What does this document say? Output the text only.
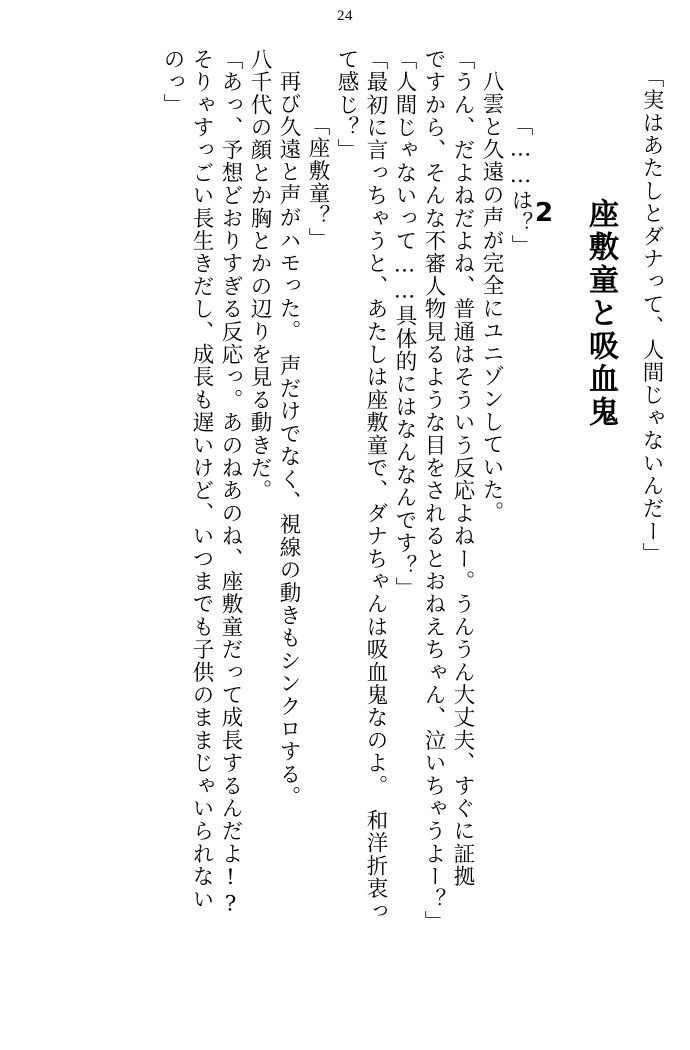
24
「実はあたしとダナって、人間じゃないんだー」
座敷童と吸血鬼
2
「……は？」
八雲と久遠の声が完全にユニゾンしていた。
「うん、だよねだよね、普通はそういう反応よねー。うんうん大丈夫、すぐに証拠
ですから、そんな不審人物見るような目をされるとおねえちゃん、泣いちゃうよー？」
「人間じゃないって……具体的にはなんなんです？」
「最初に言っちゃうと、あたしは座敷童で、ダナちゃんは吸血鬼なのよ。　和洋折衷っ
て感じ？」
「座敷童？」
再び久遠と声がハモった。　声だけでなく、視線の動きもシンクロする。
八千代の顔とか胸とかの辺りを見る動きだ。
「あっ、予想どおりすぎる反応っ。あのねあのね、座敷童だって成長するんだよ!?
そりゃすっごい長生きだし、成長も遅いけど、いつまでも子供のままじゃいられない
のっ」
